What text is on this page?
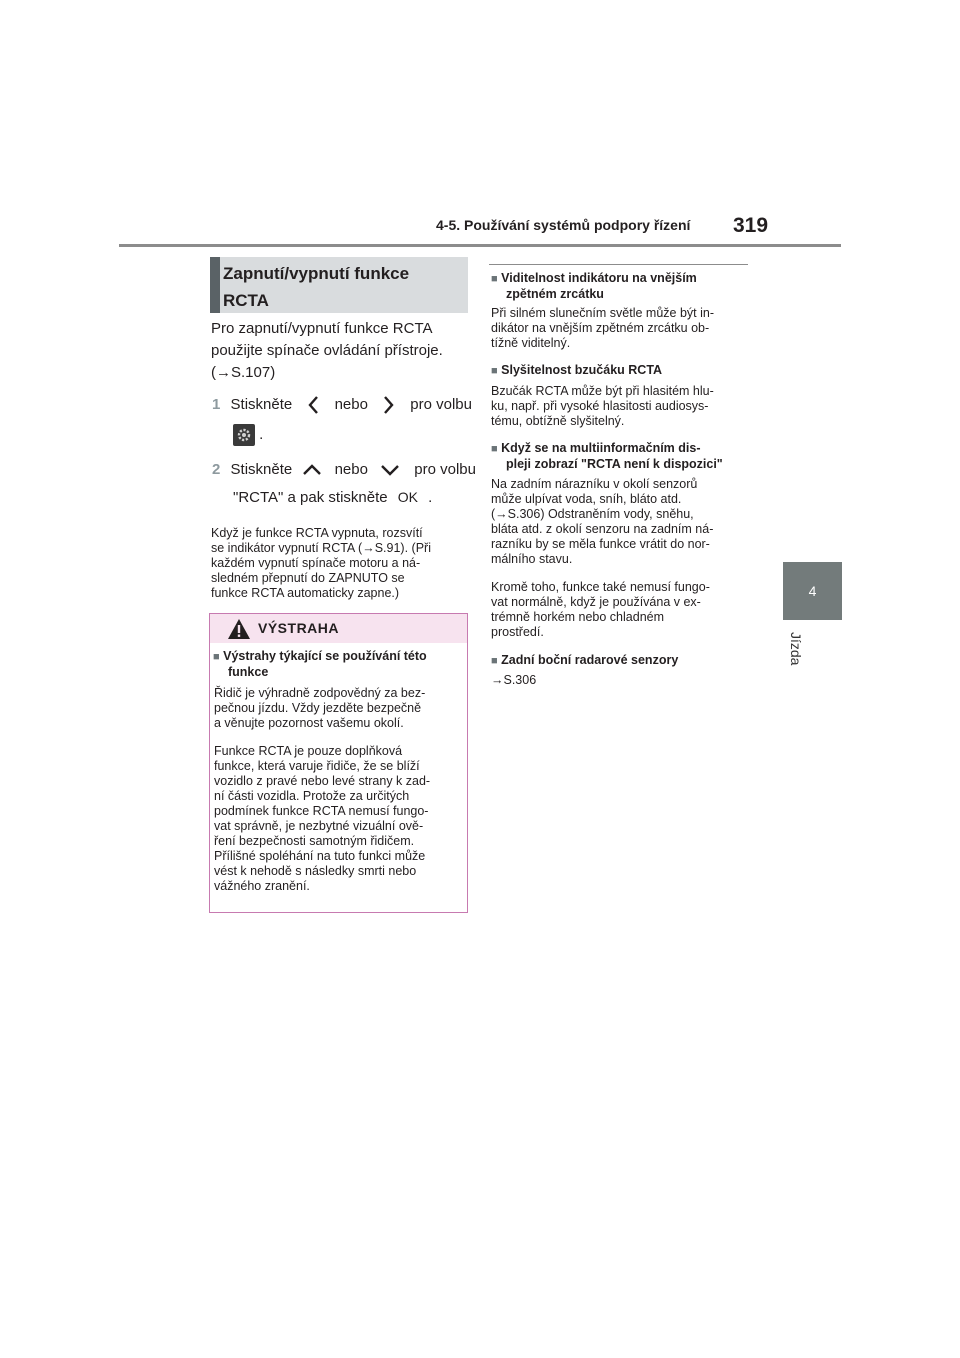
4-5. Používání systémů podpory řízení 319
4
Jízda
Zapnutí/vypnutí funkce
RCTA
Pro zapnutí/vypnutí funkce RCTA
použijte spínače ovládání přístroje.
(→S.107)
1 Stiskněte	nebo	pro volbu
.
2 Stiskněte	nebo	pro volbu
"RCTA" a pak stiskněte OK .
Když je funkce RCTA vypnuta, rozsvítí
se indikátor vypnutí RCTA (→S.91). (Při
každém vypnutí spínače motoru a ná-
sledném přepnutí do ZAPNUTO se
funkce RCTA automaticky zapne.)
VÝSTRAHA
■ Výstrahy týkající se používání této
funkce
Řidič je výhradně zodpovědný za bez-
pečnou jízdu. Vždy jezděte bezpečně
a věnujte pozornost vašemu okolí.
Funkce RCTA je pouze doplňková
funkce, která varuje řidiče, že se blíží
vozidlo z pravé nebo levé strany k zad-
ní části vozidla. Protože za určitých
podmínek funkce RCTA nemusí fungo-
vat správně, je nezbytné vizuální ově-
ření bezpečnosti samotným řidičem.
Přílišné spoléhání na tuto funkci může
vést k nehodě s následky smrti nebo
vážného zranění.
■ Viditelnost indikátoru na vnějším
zpětném zrcátku
Při silném slunečním světle může být in-
dikátor na vnějším zpětném zrcátku ob-
tížně viditelný.
■ Slyšitelnost bzučáku RCTA
Bzučák RCTA může být při hlasitém hlu-
ku, např. při vysoké hlasitosti audiosys-
tému, obtížně slyšitelný.
■ Když se na multiinformačním dis-
pleji zobrazí "RCTA není k dispozici"
Na zadním nárazníku v okolí senzorů
může ulpívat voda, sníh, bláto atd.
(→S.306) Odstraněním vody, sněhu,
bláta atd. z okolí senzoru na zadním ná-
razníku by se měla funkce vrátit do nor-
málního stavu.
Kromě toho, funkce také nemusí fungo-
vat normálně, když je používána v ex-
trémně horkém nebo chladném
prostředí.
■ Zadní boční radarové senzory
→S.306
